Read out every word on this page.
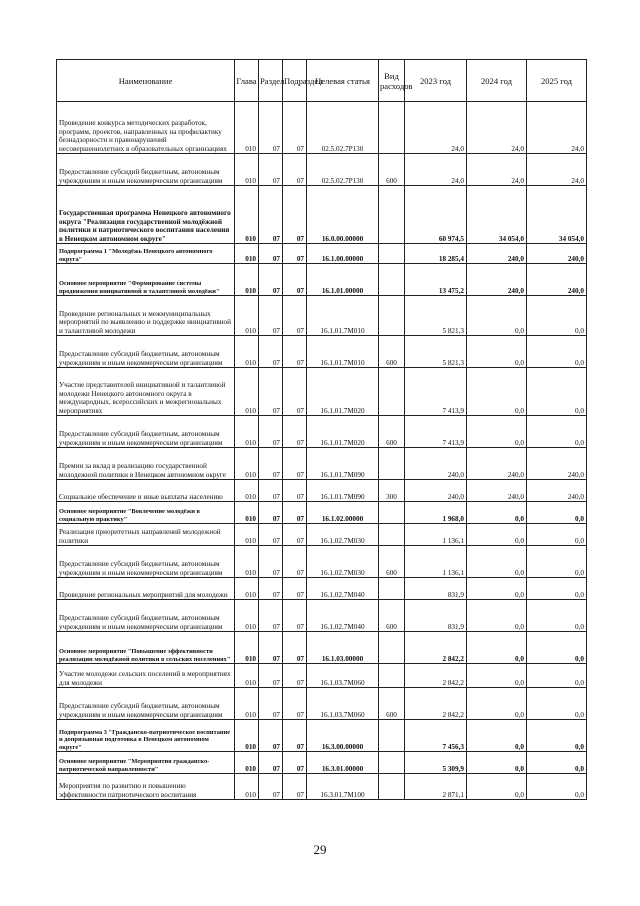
Наименование	Глава	Раздел	Подраздел	Целевая статья	Вид расходов	2023 год	2024 год	2025 год
Проведение конкурса методических разработок, программ, проектов, направленных на профилактику безнадзорности и правонарушений несовершеннолетних в образовательных организациях	010	07	07	02.5.02.7P130		24,0	24,0	24,0
Предоставление субсидий бюджетным, автономным учреждениям и иным некоммерческим организациям	010	07	07	02.5.02.7P130	600	24,0	24,0	24,0
Государственная программа Ненецкого автономного округа "Реализация государственной молодёжной политики и патриотического воспитания населения в Ненецком автономном округе"	010	07	07	16.0.00.00000		60 974,5	34 054,0	34 054,0
Подпрограмма 1 "Молодёжь Ненецкого автономного округа"	010	07	07	16.1.00.00000		18 285,4	240,0	240,0
Основное мероприятие "Формирование системы продвижения инициативной и талантливой молодёжи"	010	07	07	16.1.01.00000		13 475,2	240,0	240,0
Проведение региональных и межмуниципальных мероприятий по выявлению и поддержке инициативной и талантливой молодежи	010	07	07	16.1.01.7М010		5 821,3	0,0	0,0
Предоставление субсидий бюджетным, автономным учреждениям и иным некоммерческим организациям	010	07	07	16.1.01.7М010	600	5 821,3	0,0	0,0
Участие представителей инициативной и талантливой молодежи Ненецкого автономного округа в международных, всероссийских и межрегиональных мероприятиях	010	07	07	16.1.01.7М020		7 413,9	0,0	0,0
Предоставление субсидий бюджетным, автономным учреждениям и иным некоммерческим организациям	010	07	07	16.1.01.7М020	600	7 413,9	0,0	0,0
Премии за вклад в реализацию государственной молодежной политики в Ненецком автономном округе	010	07	07	16.1.01.7М090		240,0	240,0	240,0
Социальное обеспечение и иные выплаты населению	010	07	07	16.1.01.7М090	300	240,0	240,0	240,0
Основное мероприятие "Вовлечение молодёжи в социальную практику"	010	07	07	16.1.02.00000		1 968,0	0,0	0,0
Реализация приоритетных направлений молодежной политики	010	07	07	16.1.02.7М030		1 136,1	0,0	0,0
Предоставление субсидий бюджетным, автономным учреждениям и иным некоммерческим организациям	010	07	07	16.1.02.7М030	600	1 136,1	0,0	0,0
Проведение региональных мероприятий для молодежи	010	07	07	16.1.02.7М040		831,9	0,0	0,0
Предоставление субсидий бюджетным, автономным учреждениям и иным некоммерческим организациям	010	07	07	16.1.02.7М040	600	831,9	0,0	0,0
Основное мероприятие "Повышение эффективности реализации молодёжной политики в сельских поселениях"	010	07	07	16.1.03.00000		2 842,2	0,0	0,0
Участие молодежи сельских поселений в мероприятиях для молодежи	010	07	07	16.1.03.7М060		2 842,2	0,0	0,0
Предоставление субсидий бюджетным, автономным учреждениям и иным некоммерческим организациям	010	07	07	16.1.03.7М060	600	2 842,2	0,0	0,0
Подпрограмма 3 "Гражданско-патриотическое воспитание и допризывная подготовка в Ненецком автономном округе"	010	07	07	16.3.00.00000		7 456,3	0,0	0,0
Основное мероприятие "Мероприятия гражданско-патриотической направленности"	010	07	07	16.3.01.00000		5 309,9	0,0	0,0
Мероприятия по развитию и повышению эффективности патриотического воспитания	010	07	07	16.3.01.7М100		2 871,1	0,0	0,0
29
